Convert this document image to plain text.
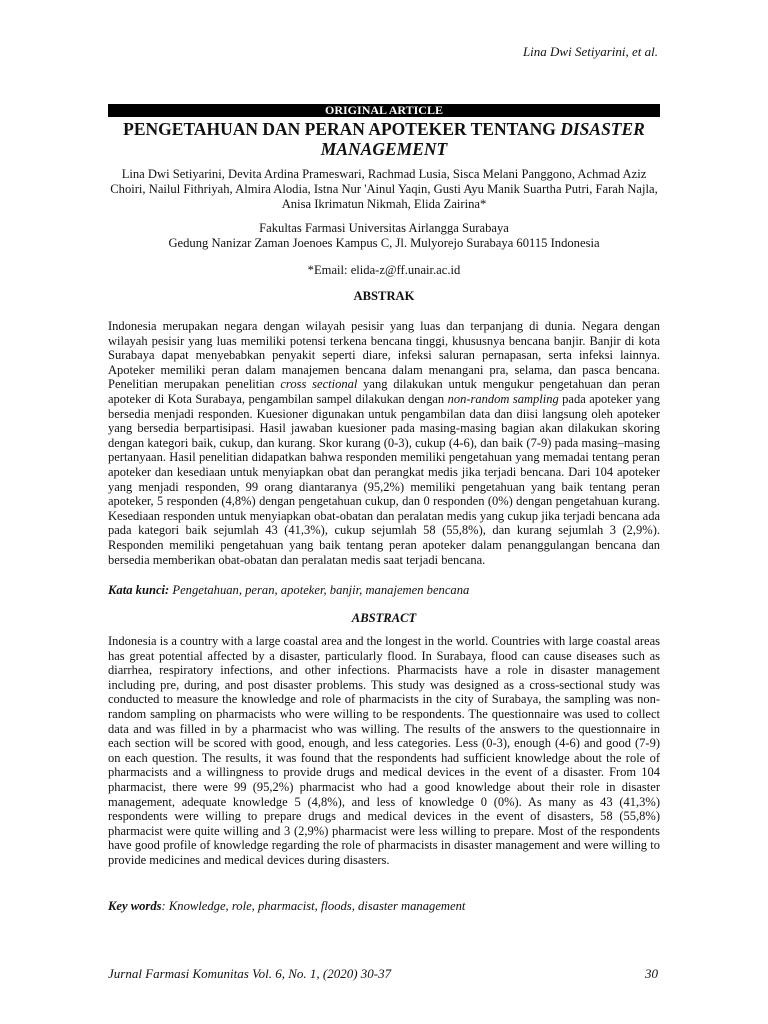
Lina Dwi Setiyarini, et al.
ORIGINAL ARTICLE
PENGETAHUAN DAN PERAN APOTEKER TENTANG DISASTER MANAGEMENT
Lina Dwi Setiyarini, Devita Ardina Prameswari, Rachmad Lusia, Sisca Melani Panggono, Achmad Aziz Choiri, Nailul Fithriyah, Almira Alodia, Istna Nur 'Ainul Yaqin, Gusti Ayu Manik Suartha Putri, Farah Najla, Anisa Ikrimatun Nikmah, Elida Zairina*
Fakultas Farmasi Universitas Airlangga Surabaya
Gedung Nanizar Zaman Joenoes Kampus C, Jl. Mulyorejo Surabaya 60115 Indonesia
*Email: elida-z@ff.unair.ac.id
ABSTRAK
Indonesia merupakan negara dengan wilayah pesisir yang luas dan terpanjang di dunia. Negara dengan wilayah pesisir yang luas memiliki potensi terkena bencana tinggi, khususnya bencana banjir. Banjir di kota Surabaya dapat menyebabkan penyakit seperti diare, infeksi saluran pernapasan, serta infeksi lainnya. Apoteker memiliki peran dalam manajemen bencana dalam menangani pra, selama, dan pasca bencana. Penelitian merupakan penelitian cross sectional yang dilakukan untuk mengukur pengetahuan dan peran apoteker di Kota Surabaya, pengambilan sampel dilakukan dengan non-random sampling pada apoteker yang bersedia menjadi responden. Kuesioner digunakan untuk pengambilan data dan diisi langsung oleh apoteker yang bersedia berpartisipasi. Hasil jawaban kuesioner pada masing-masing bagian akan dilakukan skoring dengan kategori baik, cukup, dan kurang. Skor kurang (0-3), cukup (4-6), dan baik (7-9) pada masing–masing pertanyaan. Hasil penelitian didapatkan bahwa responden memiliki pengetahuan yang memadai tentang peran apoteker dan kesediaan untuk menyiapkan obat dan perangkat medis jika terjadi bencana. Dari 104 apoteker yang menjadi responden, 99 orang diantaranya (95,2%) memiliki pengetahuan yang baik tentang peran apoteker, 5 responden (4,8%) dengan pengetahuan cukup, dan 0 responden (0%) dengan pengetahuan kurang. Kesediaan responden untuk menyiapkan obat-obatan dan peralatan medis yang cukup jika terjadi bencana ada pada kategori baik sejumlah 43 (41,3%), cukup sejumlah 58 (55,8%), dan kurang sejumlah 3 (2,9%). Responden memiliki pengetahuan yang baik tentang peran apoteker dalam penanggulangan bencana dan bersedia memberikan obat-obatan dan peralatan medis saat terjadi bencana.
Kata kunci: Pengetahuan, peran, apoteker, banjir, manajemen bencana
ABSTRACT
Indonesia is a country with a large coastal area and the longest in the world. Countries with large coastal areas has great potential affected by a disaster, particularly flood. In Surabaya, flood can cause diseases such as diarrhea, respiratory infections, and other infections. Pharmacists have a role in disaster management including pre, during, and post disaster problems. This study was designed as a cross-sectional study was conducted to measure the knowledge and role of pharmacists in the city of Surabaya, the sampling was non-random sampling on pharmacists who were willing to be respondents. The questionnaire was used to collect data and was filled in by a pharmacist who was willing. The results of the answers to the questionnaire in each section will be scored with good, enough, and less categories. Less (0-3), enough (4-6) and good (7-9) on each question. The results, it was found that the respondents had sufficient knowledge about the role of pharmacists and a willingness to provide drugs and medical devices in the event of a disaster. From 104 pharmacist, there were 99 (95,2%) pharmacist who had a good knowledge about their role in disaster management, adequate knowledge 5 (4,8%), and less of knowledge 0 (0%). As many as 43 (41,3%) respondents were willing to prepare drugs and medical devices in the event of disasters, 58 (55,8%) pharmacist were quite willing and 3 (2,9%) pharmacist were less willing to prepare. Most of the respondents have good profile of knowledge regarding the role of pharmacists in disaster management and were willing to provide medicines and medical devices during disasters.
Key words: Knowledge, role, pharmacist, floods, disaster management
Jurnal Farmasi Komunitas Vol. 6, No. 1, (2020) 30-37	30
